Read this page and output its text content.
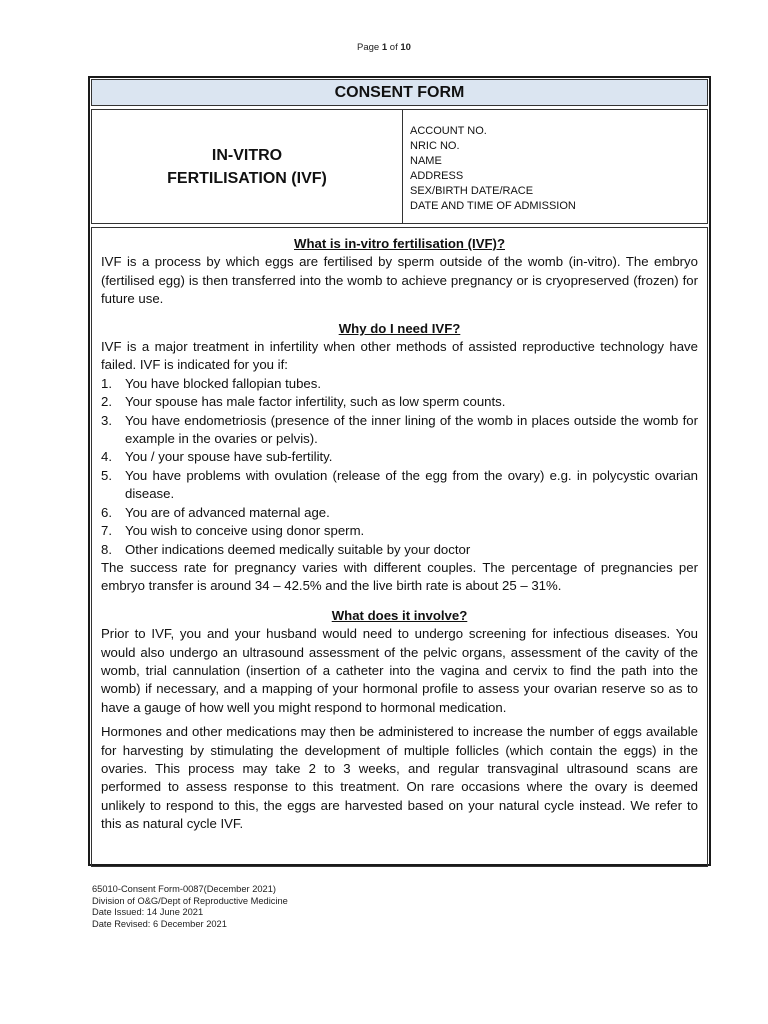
Page 1 of 10
CONSENT FORM
IN-VITRO
FERTILISATION (IVF)
ACCOUNT NO.
NRIC NO.
NAME
ADDRESS
SEX/BIRTH DATE/RACE
DATE AND TIME OF ADMISSION

What is in-vitro fertilisation (IVF)?

IVF is a process by which eggs are fertilised by sperm outside of the womb (in-vitro). The embryo (fertilised egg) is then transferred into the womb to achieve pregnancy or is cryopreserved (frozen) for future use.

Why do I need IVF?

IVF is a major treatment in infertility when other methods of assisted reproductive technology have failed. IVF is indicated for you if:

1. You have blocked fallopian tubes.
2. Your spouse has male factor infertility, such as low sperm counts.
3. You have endometriosis (presence of the inner lining of the womb in places outside the womb for example in the ovaries or pelvis).
4. You / your spouse have sub-fertility.
5. You have problems with ovulation (release of the egg from the ovary) e.g. in polycystic ovarian disease.
6. You are of advanced maternal age.
7. You wish to conceive using donor sperm.
8. Other indications deemed medically suitable by your doctor

The success rate for pregnancy varies with different couples. The percentage of pregnancies per embryo transfer is around 34 – 42.5% and the live birth rate is about 25 – 31%.

What does it involve?

Prior to IVF, you and your husband would need to undergo screening for infectious diseases. You would also undergo an ultrasound assessment of the pelvic organs, assessment of the cavity of the womb, trial cannulation (insertion of a catheter into the vagina and cervix to find the path into the womb) if necessary, and a mapping of your hormonal profile to assess your ovarian reserve so as to have a gauge of how well you might respond to hormonal medication.

Hormones and other medications may then be administered to increase the number of eggs available for harvesting by stimulating the development of multiple follicles (which contain the eggs) in the ovaries. This process may take 2 to 3 weeks, and regular transvaginal ultrasound scans are performed to assess response to this treatment. On rare occasions where the ovary is deemed unlikely to respond to this, the eggs are harvested based on your natural cycle instead. We refer to this as natural cycle IVF.

65010-Consent Form-0087(December 2021)
Division of O&G/Dept of Reproductive Medicine
Date Issued: 14 June 2021
Date Revised: 6 December 2021
